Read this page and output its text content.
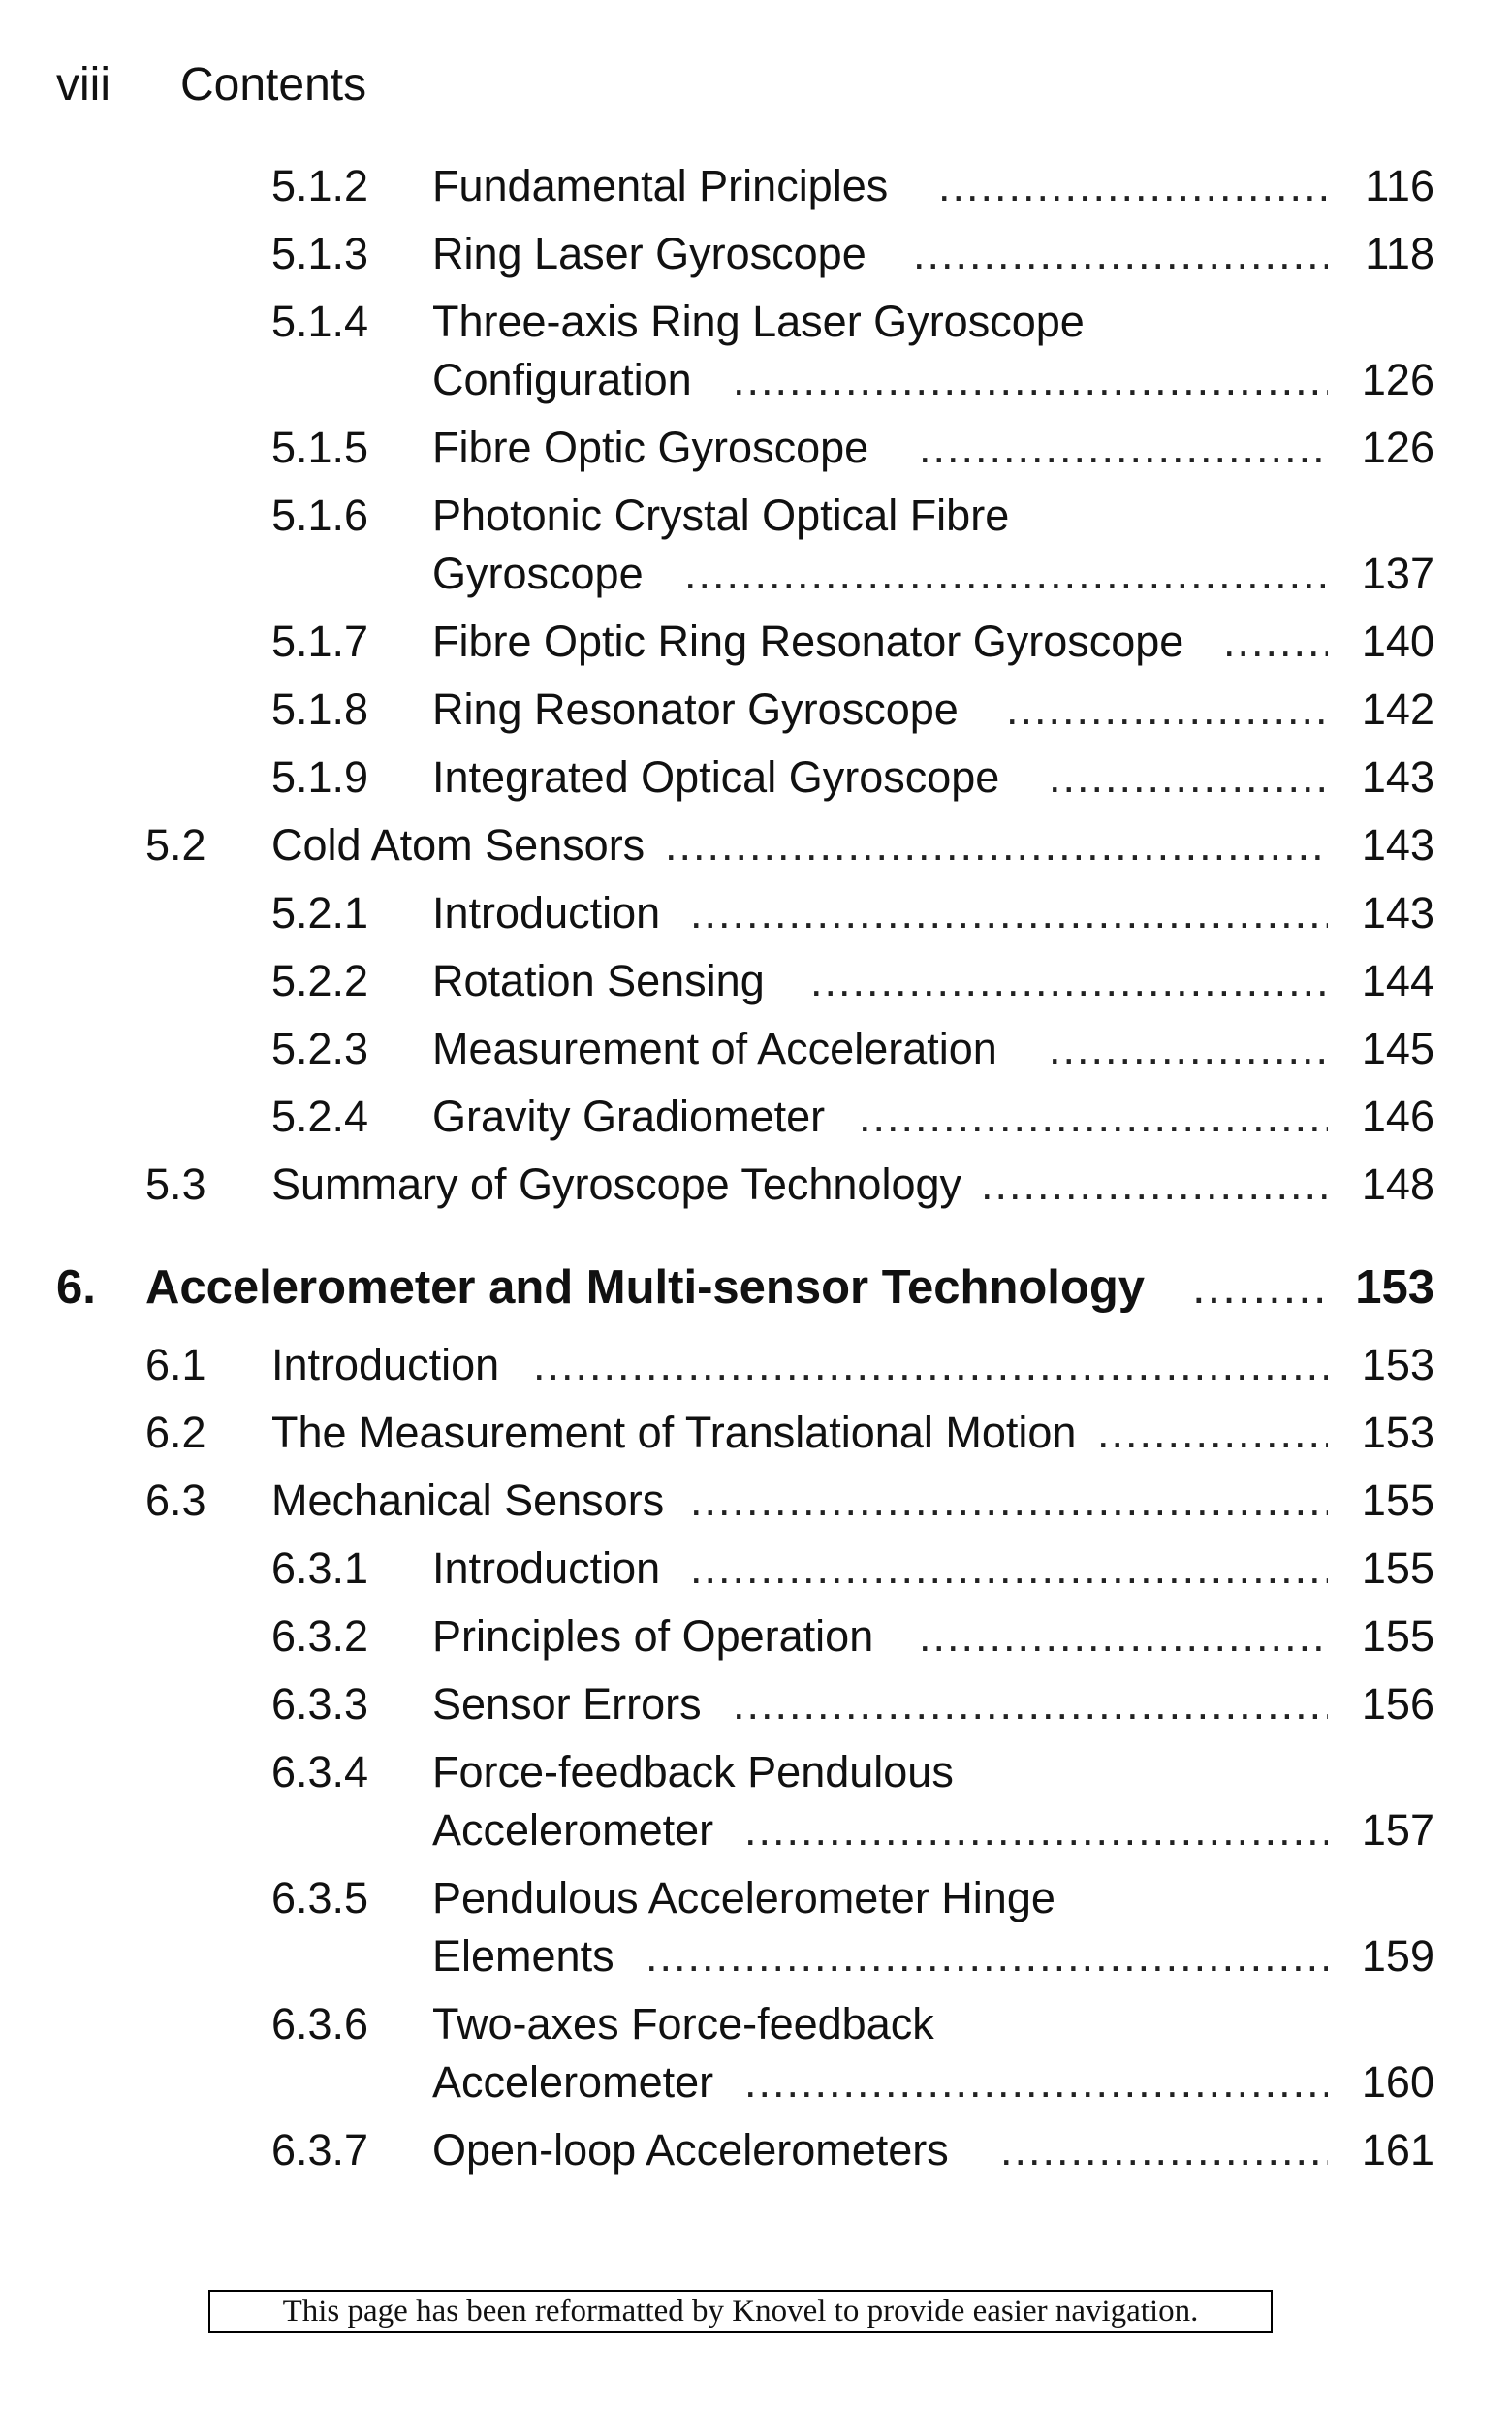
viii	Contents
5.1.2 Fundamental Principles .....	116
5.1.3 Ring Laser Gyroscope .....	118
5.1.4 Three-axis Ring Laser Gyroscope
Configuration .....	126
5.1.5 Fibre Optic Gyroscope .....	126
5.1.6 Photonic Crystal Optical Fibre
Gyroscope .....	137
5.1.7 Fibre Optic Ring Resonator Gyroscope .....	140
5.1.8 Ring Resonator Gyroscope .....	142
5.1.9 Integrated Optical Gyroscope .....	143
5.2 Cold Atom Sensors .....	143
5.2.1 Introduction .....	143
5.2.2 Rotation Sensing .....	144
5.2.3 Measurement of Acceleration .....	145
5.2.4 Gravity Gradiometer .....	146
5.3 Summary of Gyroscope Technology .....	148
6. Accelerometer and Multi-sensor Technology .....	153
6.1 Introduction .....	153
6.2 The Measurement of Translational Motion .....	153
6.3 Mechanical Sensors .....	155
6.3.1 Introduction .....	155
6.3.2 Principles of Operation .....	155
6.3.3 Sensor Errors .....	156
6.3.4 Force-feedback Pendulous
Accelerometer .....	157
6.3.5 Pendulous Accelerometer Hinge
Elements .....	159
6.3.6 Two-axes Force-feedback
Accelerometer .....	160
6.3.7 Open-loop Accelerometers .....	161
This page has been reformatted by Knovel to provide easier navigation.
